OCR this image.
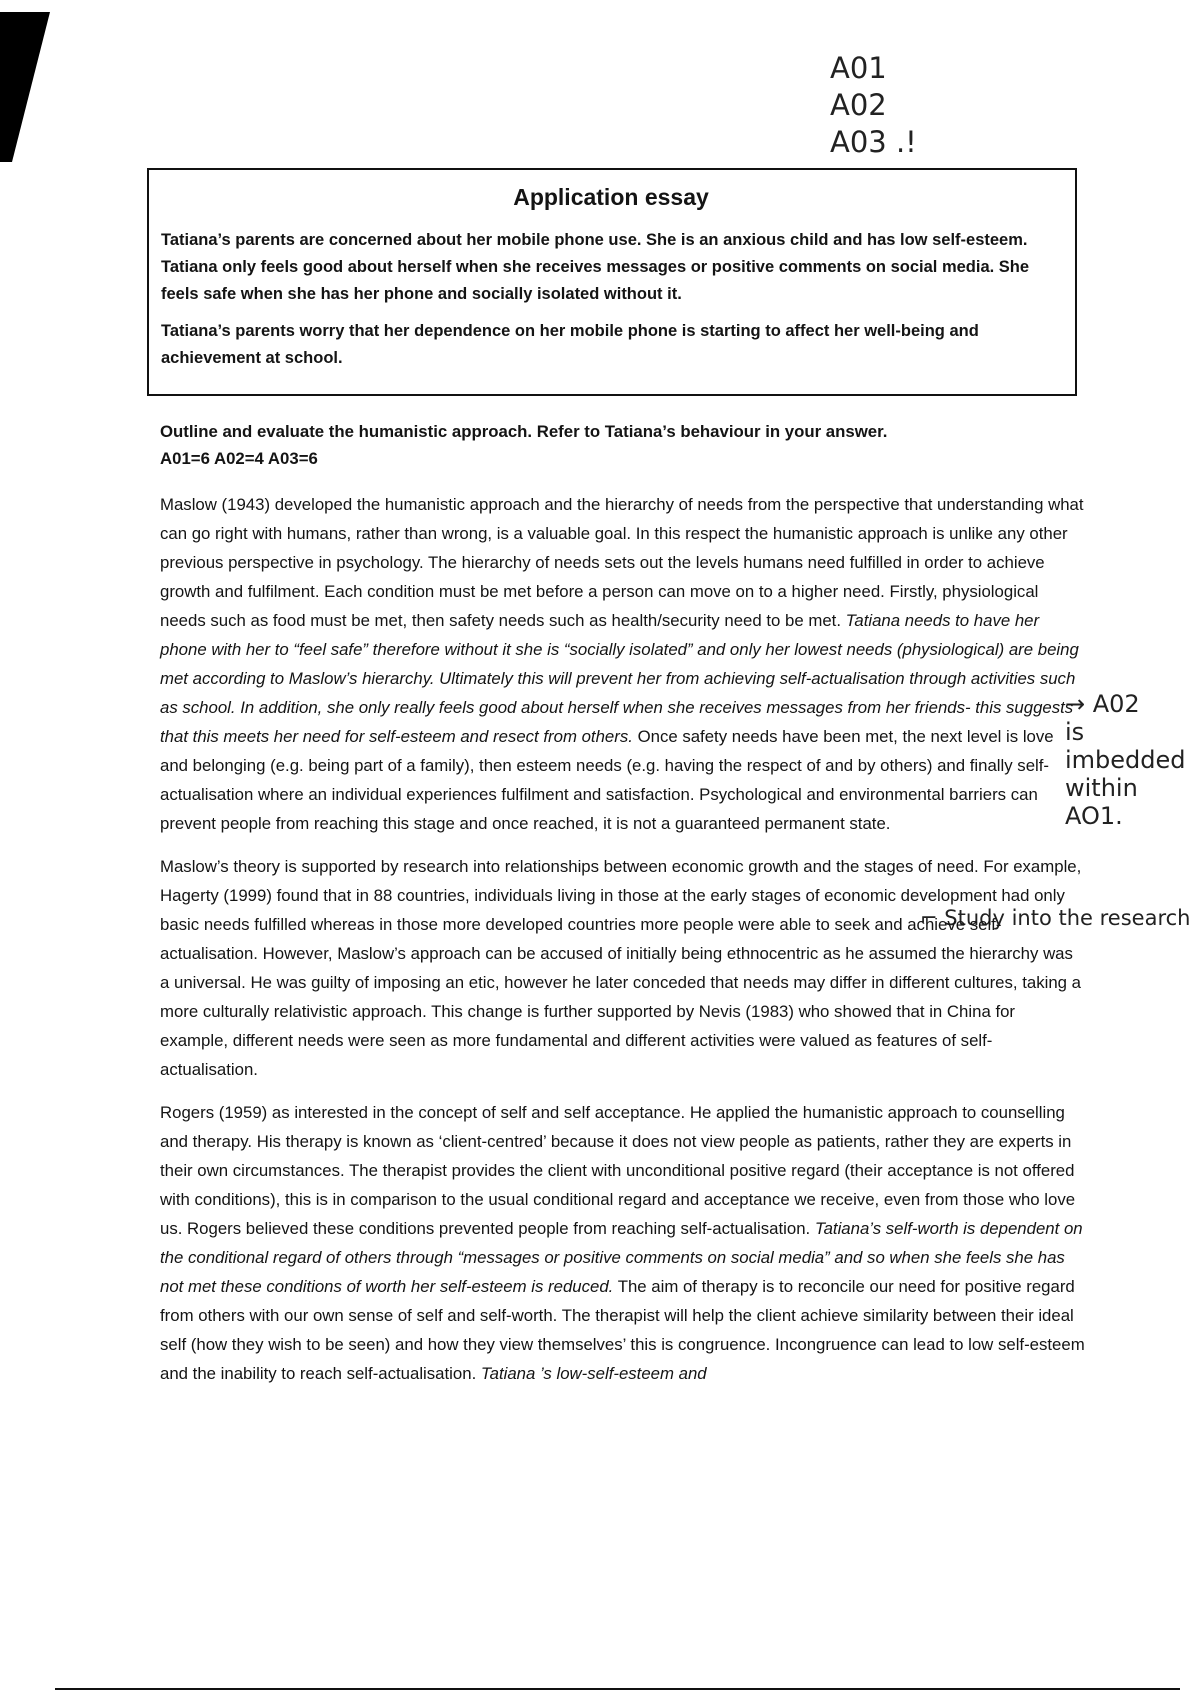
A01
A02
A03 .!
Application essay

Tatiana’s parents are concerned about her mobile phone use. She is an anxious child and has low self-esteem. Tatiana only feels good about herself when she receives messages or positive comments on social media. She feels safe when she has her phone and socially isolated without it.

Tatiana’s parents worry that her dependence on her mobile phone is starting to affect her well-being and achievement at school.

Outline and evaluate the humanistic approach. Refer to Tatiana’s behaviour in your answer.
A01=6 A02=4 A03=6
→ A02
is
imbedded
within
AO1.
⌐ Study into the research

Maslow (1943) developed the humanistic approach and the hierarchy of needs from the perspective that understanding what can go right with humans, rather than wrong, is a valuable goal. In this respect the humanistic approach is unlike any other previous perspective in psychology. The hierarchy of needs sets out the levels humans need fulfilled in order to achieve growth and fulfilment. Each condition must be met before a person can move on to a higher need. Firstly, physiological needs such as food must be met, then safety needs such as health/security need to be met. Tatiana needs to have her phone with her to “feel safe” therefore without it she is “socially isolated” and only her lowest needs (physiological) are being met according to Maslow’s hierarchy. Ultimately this will prevent her from achieving self-actualisation through activities such as school. In addition, she only really feels good about herself when she receives messages from her friends- this suggests that this meets her need for self-esteem and resect from others. Once safety needs have been met, the next level is love and belonging (e.g. being part of a family), then esteem needs (e.g. having the respect of and by others) and finally self-actualisation where an individual experiences fulfilment and satisfaction. Psychological and environmental barriers can prevent people from reaching this stage and once reached, it is not a guaranteed permanent state.

Maslow’s theory is supported by research into relationships between economic growth and the stages of need. For example, Hagerty (1999) found that in 88 countries, individuals living in those at the early stages of economic development had only basic needs fulfilled whereas in those more developed countries more people were able to seek and achieve self-actualisation. However, Maslow’s approach can be accused of initially being ethnocentric as he assumed the hierarchy was a universal. He was guilty of imposing an etic, however he later conceded that needs may differ in different cultures, taking a more culturally relativistic approach. This change is further supported by Nevis (1983) who showed that in China for example, different needs were seen as more fundamental and different activities were valued as features of self-actualisation.

Rogers (1959) as interested in the concept of self and self acceptance. He applied the humanistic approach to counselling and therapy. His therapy is known as ‘client-centred’ because it does not view people as patients, rather they are experts in their own circumstances. The therapist provides the client with unconditional positive regard (their acceptance is not offered with conditions), this is in comparison to the usual conditional regard and acceptance we receive, even from those who love us. Rogers believed these conditions prevented people from reaching self-actualisation. Tatiana’s self-worth is dependent on the conditional regard of others through “messages or positive comments on social media” and so when she feels she has not met these conditions of worth her self-esteem is reduced. The aim of therapy is to reconcile our need for positive regard from others with our own sense of self and self-worth. The therapist will help the client achieve similarity between their ideal self (how they wish to be seen) and how they view themselves’ this is congruence. Incongruence can lead to low self-esteem and the inability to reach self-actualisation. Tatiana ’s low-self-esteem and
